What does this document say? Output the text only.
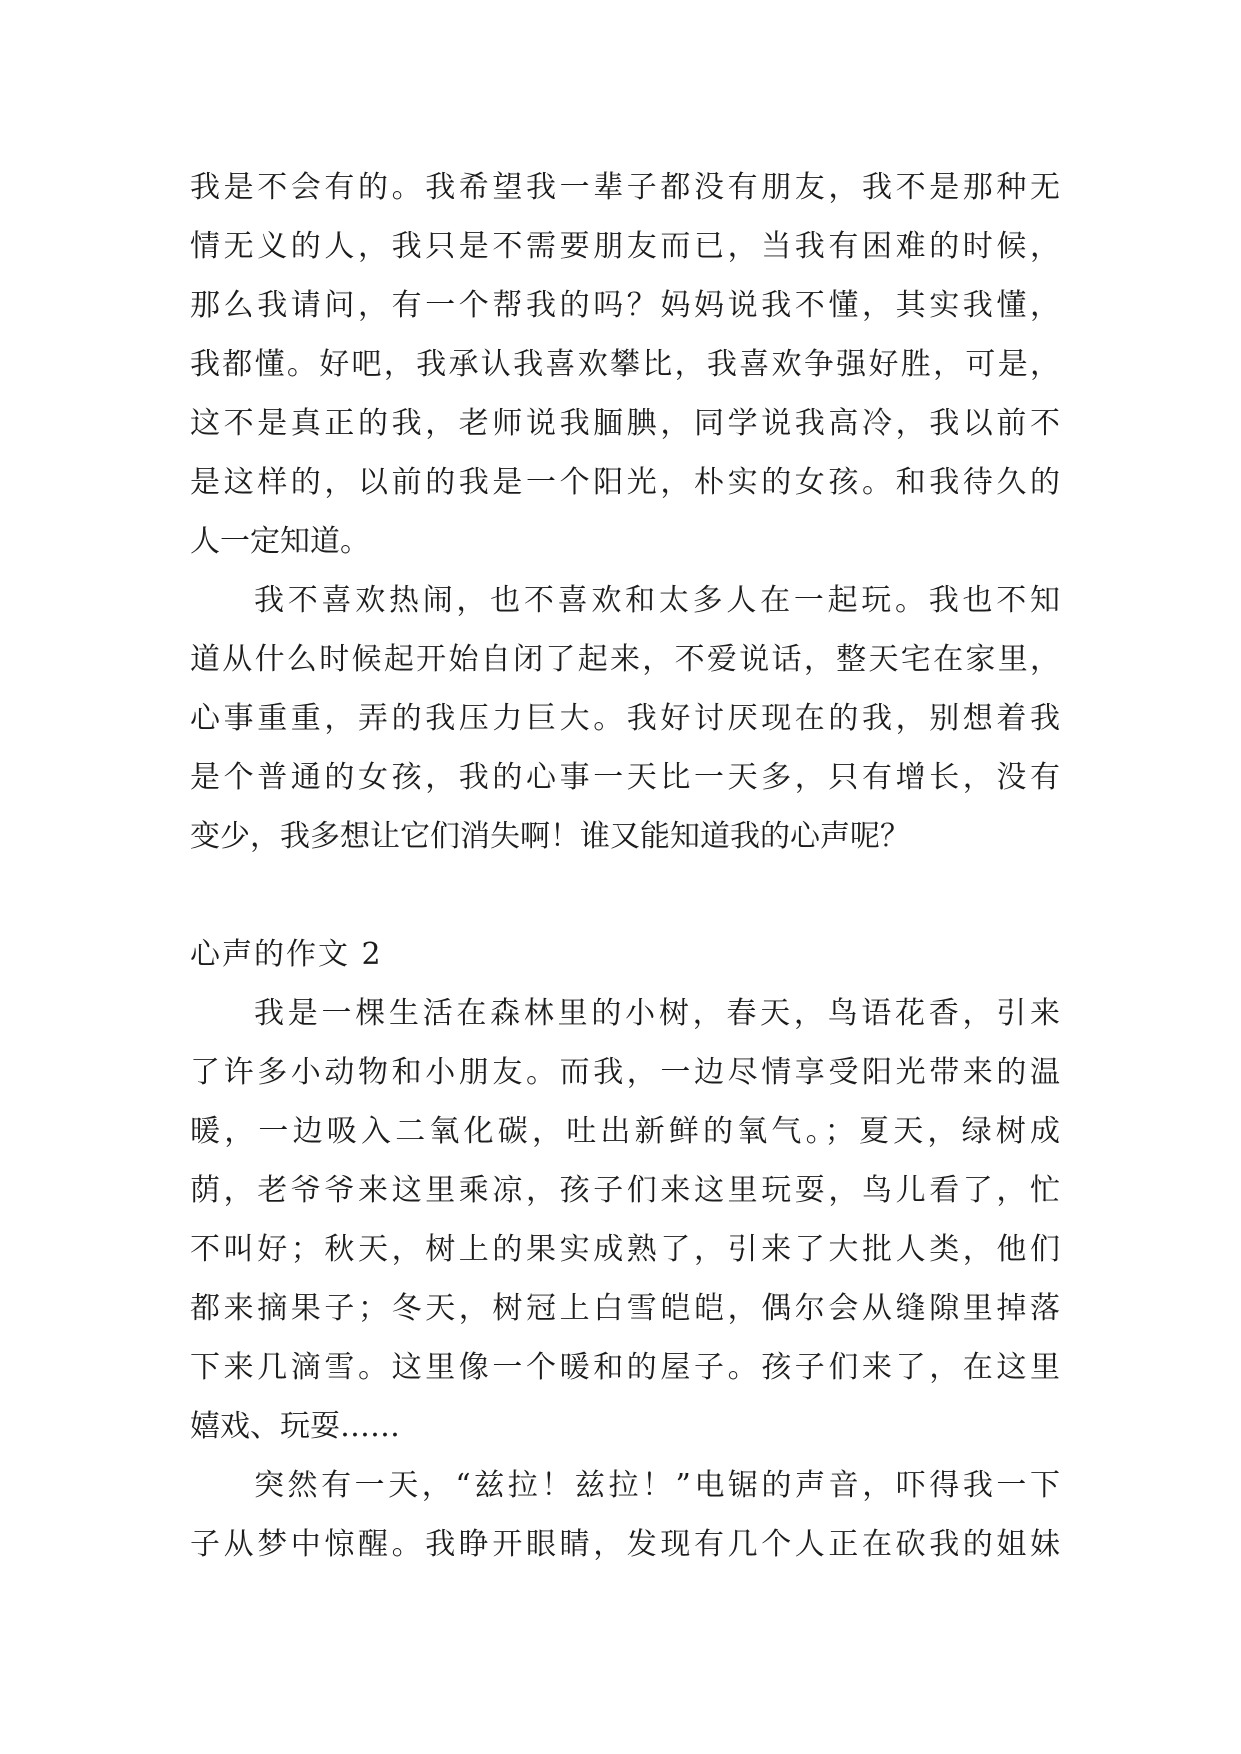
我是不会有的。我希望我一辈子都没有朋友，我不是那种无
情无义的人，我只是不需要朋友而已，当我有困难的时候，
那么我请问，有一个帮我的吗？妈妈说我不懂，其实我懂，
我都懂。好吧，我承认我喜欢攀比，我喜欢争强好胜，可是，
这不是真正的我，老师说我腼腆，同学说我高冷，我以前不
是这样的，以前的我是一个阳光，朴实的女孩。和我待久的
人一定知道。
我不喜欢热闹，也不喜欢和太多人在一起玩。我也不知
道从什么时候起开始自闭了起来，不爱说话，整天宅在家里，
心事重重，弄的我压力巨大。我好讨厌现在的我，别想着我
是个普通的女孩，我的心事一天比一天多，只有增长，没有
变少，我多想让它们消失啊！谁又能知道我的心声呢？
心声的作文 2
我是一棵生活在森林里的小树，春天，鸟语花香，引来
了许多小动物和小朋友。而我，一边尽情享受阳光带来的温
暖，一边吸入二氧化碳，吐出新鲜的氧气。；夏天，绿树成
荫，老爷爷来这里乘凉，孩子们来这里玩耍，鸟儿看了，忙
不叫好；秋天，树上的果实成熟了，引来了大批人类，他们
都来摘果子；冬天，树冠上白雪皑皑，偶尔会从缝隙里掉落
下来几滴雪。这里像一个暖和的屋子。孩子们来了，在这里
嬉戏、玩耍……
突然有一天，“兹拉！兹拉！”电锯的声音，吓得我一下
子从梦中惊醒。我睁开眼睛，发现有几个人正在砍我的姐妹
